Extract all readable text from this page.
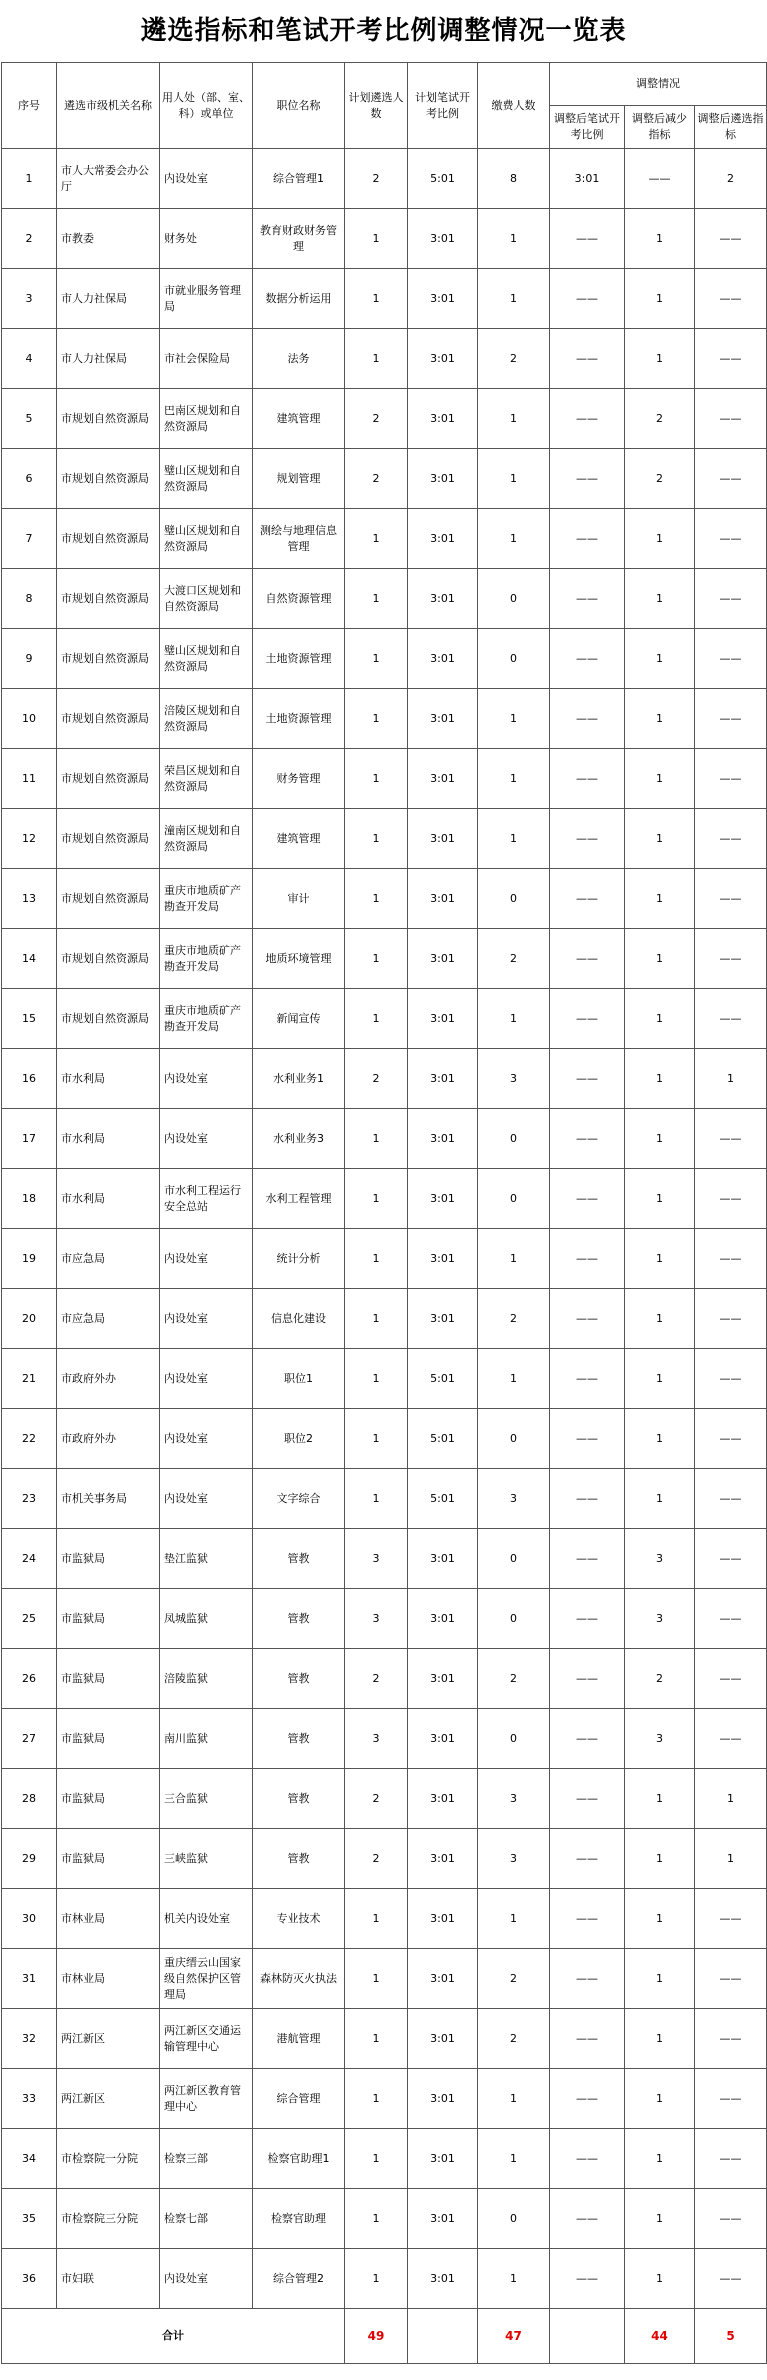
遴选指标和笔试开考比例调整情况一览表
序号	遴选市级机关名称	用人处（部、室、科）或单位	职位名称	计划遴选人数	计划笔试开考比例	缴费人数	调整情况		
							调整后笔试开考比例	调整后减少指标	调整后遴选指标
1	市人大常委会办公厅	内设处室	综合管理1	2	5:01	8	3:01	——	2
2	市教委	财务处	教育财政财务管理	1	3:01	1	——	1	——
3	市人力社保局	市就业服务管理局	数据分析运用	1	3:01	1	——	1	——
4	市人力社保局	市社会保险局	法务	1	3:01	2	——	1	——
5	市规划自然资源局	巴南区规划和自然资源局	建筑管理	2	3:01	1	——	2	——
6	市规划自然资源局	璧山区规划和自然资源局	规划管理	2	3:01	1	——	2	——
7	市规划自然资源局	璧山区规划和自然资源局	测绘与地理信息管理	1	3:01	1	——	1	——
8	市规划自然资源局	大渡口区规划和自然资源局	自然资源管理	1	3:01	0	——	1	——
9	市规划自然资源局	璧山区规划和自然资源局	土地资源管理	1	3:01	0	——	1	——
10	市规划自然资源局	涪陵区规划和自然资源局	土地资源管理	1	3:01	1	——	1	——
11	市规划自然资源局	荣昌区规划和自然资源局	财务管理	1	3:01	1	——	1	——
12	市规划自然资源局	潼南区规划和自然资源局	建筑管理	1	3:01	1	——	1	——
13	市规划自然资源局	重庆市地质矿产勘查开发局	审计	1	3:01	0	——	1	——
14	市规划自然资源局	重庆市地质矿产勘查开发局	地质环境管理	1	3:01	2	——	1	——
15	市规划自然资源局	重庆市地质矿产勘查开发局	新闻宣传	1	3:01	1	——	1	——
16	市水利局	内设处室	水利业务1	2	3:01	3	——	1	1
17	市水利局	内设处室	水利业务3	1	3:01	0	——	1	——
18	市水利局	市水利工程运行安全总站	水利工程管理	1	3:01	0	——	1	——
19	市应急局	内设处室	统计分析	1	3:01	1	——	1	——
20	市应急局	内设处室	信息化建设	1	3:01	2	——	1	——
21	市政府外办	内设处室	职位1	1	5:01	1	——	1	——
22	市政府外办	内设处室	职位2	1	5:01	0	——	1	——
23	市机关事务局	内设处室	文字综合	1	5:01	3	——	1	——
24	市监狱局	垫江监狱	管教	3	3:01	0	——	3	——
25	市监狱局	凤城监狱	管教	3	3:01	0	——	3	——
26	市监狱局	涪陵监狱	管教	2	3:01	2	——	2	——
27	市监狱局	南川监狱	管教	3	3:01	0	——	3	——
28	市监狱局	三合监狱	管教	2	3:01	3	——	1	1
29	市监狱局	三峡监狱	管教	2	3:01	3	——	1	1
30	市林业局	机关内设处室	专业技术	1	3:01	1	——	1	——
31	市林业局	重庆缙云山国家级自然保护区管理局	森林防灭火执法	1	3:01	2	——	1	——
32	两江新区	两江新区交通运输管理中心	港航管理	1	3:01	2	——	1	——
33	两江新区	两江新区教育管理中心	综合管理	1	3:01	1	——	1	——
34	市检察院一分院	检察三部	检察官助理1	1	3:01	1	——	1	——
35	市检察院三分院	检察七部	检察官助理	1	3:01	0	——	1	——
36	市妇联	内设处室	综合管理2	1	3:01	1	——	1	——
合计				49		47		44	5
